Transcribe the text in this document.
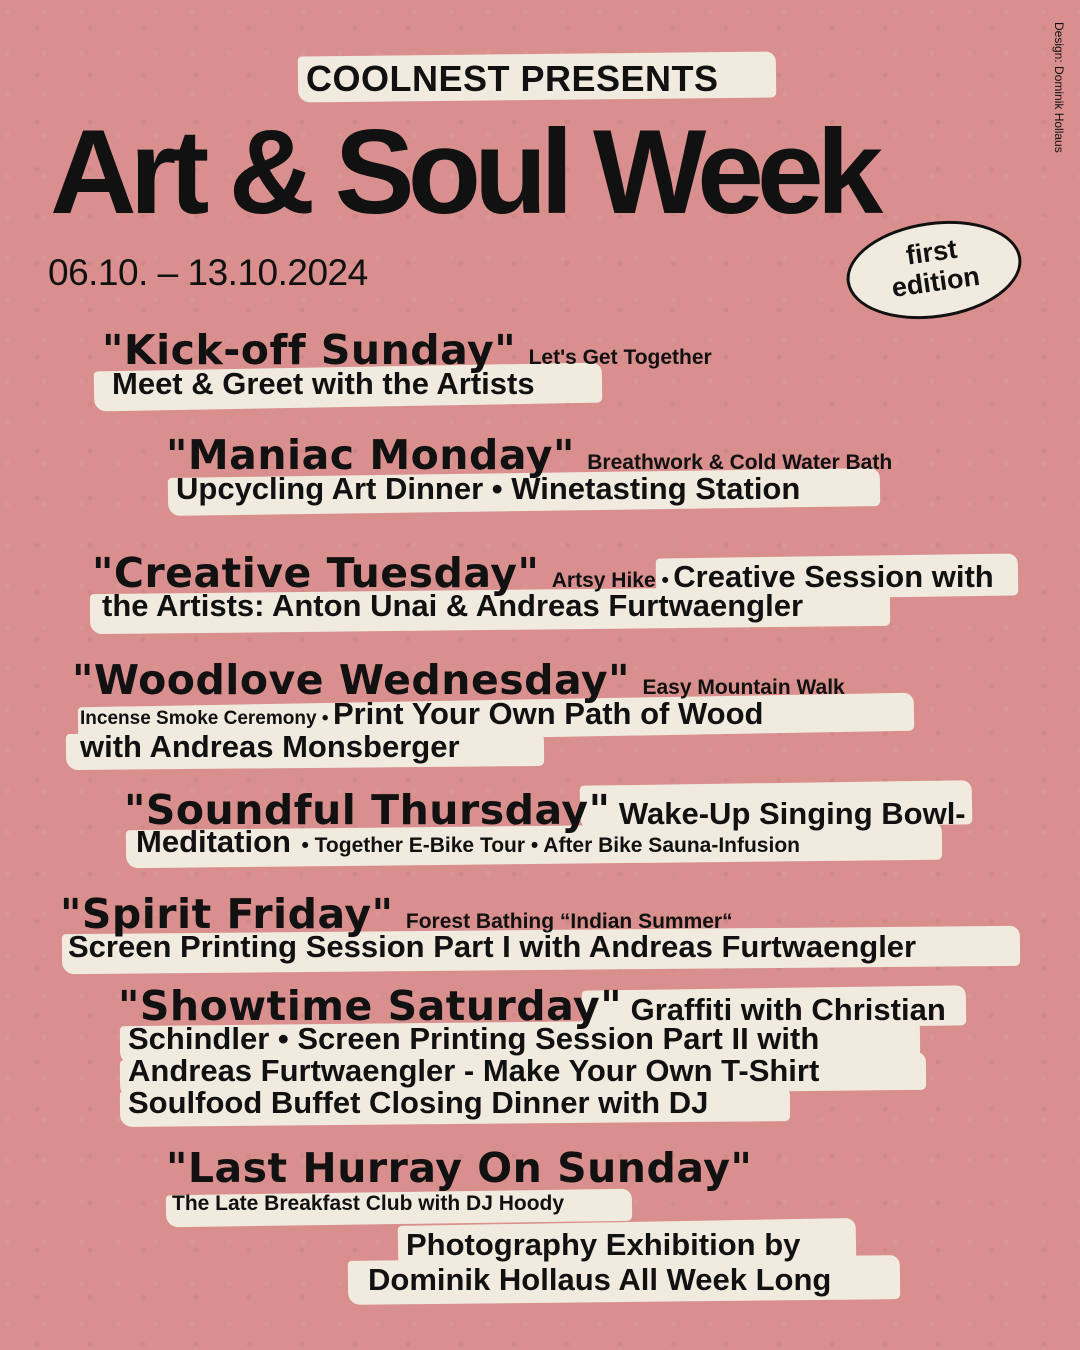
COOLNEST PRESENTS
Art & Soul Week
06.10. – 13.10.2024
Design: Dominik Hollaus
first
edition
"Kick-off Sunday" Let's Get Together
Meet & Greet with the Artists
"Maniac Monday" Breathwork & Cold Water Bath
Upcycling Art Dinner • Winetasting Station
"Creative Tuesday" Artsy Hike • Creative Session with
the Artists: Anton Unai & Andreas Furtwaengler
"Woodlove Wednesday" Easy Mountain Walk
Incense Smoke Ceremony • Print Your Own Path of Wood
with Andreas Monsberger
"Soundful Thursday" Wake-Up Singing Bowl-
Meditation • Together E-Bike Tour • After Bike Sauna-Infusion
"Spirit Friday" Forest Bathing “Indian Summer“
Screen Printing Session Part I with Andreas Furtwaengler
"Showtime Saturday" Graffiti with Christian
Schindler • Screen Printing Session Part II with
Andreas Furtwaengler - Make Your Own T-Shirt
Soulfood Buffet Closing Dinner with DJ
"Last Hurray On Sunday"
The Late Breakfast Club with DJ Hoody
Photography Exhibition by
Dominik Hollaus All Week Long
